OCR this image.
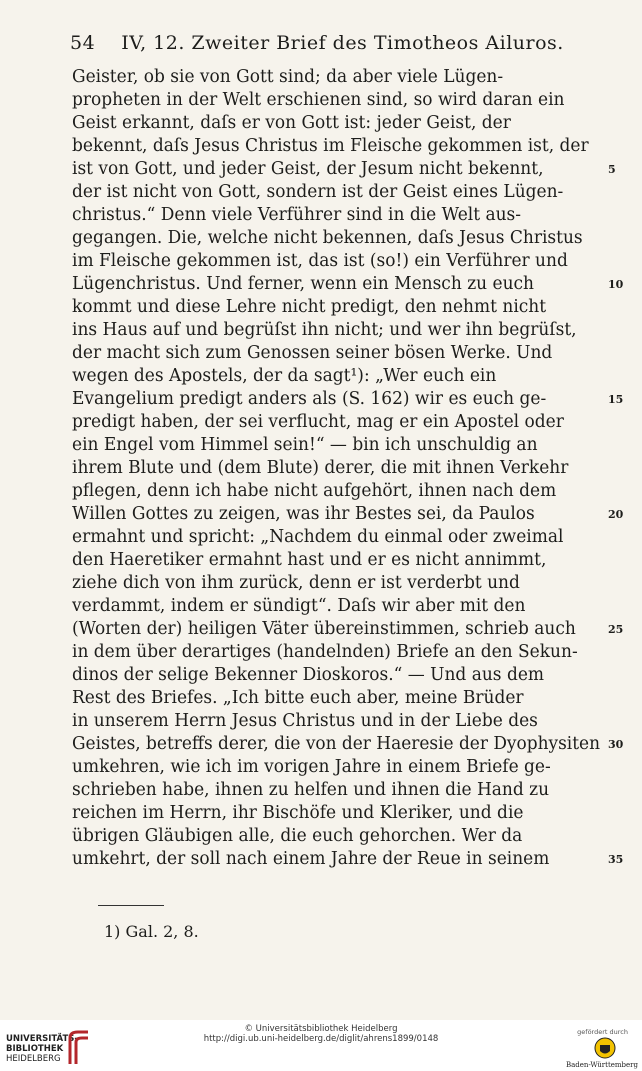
54 IV, 12. Zweiter Brief des Timotheos Ailuros.
Geister, ob sie von Gott sind; da aber viele Lügen-
propheten in der Welt erschienen sind, so wird daran ein
Geist erkannt, daſs er von Gott ist: jeder Geist, der
bekennt, daſs Jesus Christus im Fleische gekommen ist, der
ist von Gott, und jeder Geist, der Jesum nicht bekennt,	5
der ist nicht von Gott, sondern ist der Geist eines Lügen-
christus.“ Denn viele Verführer sind in die Welt aus-
gegangen. Die, welche nicht bekennen, daſs Jesus Christus
im Fleische gekommen ist, das ist (so!) ein Verführer und
Lügenchristus. Und ferner, wenn ein Mensch zu euch	10
kommt und diese Lehre nicht predigt, den nehmt nicht
ins Haus auf und begrüſst ihn nicht; und wer ihn begrüſst,
der macht sich zum Genossen seiner bösen Werke. Und
wegen des Apostels, der da sagt¹): „Wer euch ein
Evangelium predigt anders als (S. 162) wir es euch ge-	15
predigt haben, der sei verflucht, mag er ein Apostel oder
ein Engel vom Himmel sein!“ — bin ich unschuldig an
ihrem Blute und (dem Blute) derer, die mit ihnen Verkehr
pflegen, denn ich habe nicht aufgehört, ihnen nach dem
Willen Gottes zu zeigen, was ihr Bestes sei, da Paulos	20
ermahnt und spricht: „Nachdem du einmal oder zweimal
den Haeretiker ermahnt hast und er es nicht annimmt,
ziehe dich von ihm zurück, denn er ist verderbt und
verdammt, indem er sündigt“. Daſs wir aber mit den
(Worten der) heiligen Väter übereinstimmen, schrieb auch	25
in dem über derartiges (handelnden) Briefe an den Sekun-
dinos der selige Bekenner Dioskoros.“ — Und aus dem
Rest des Briefes. „Ich bitte euch aber, meine Brüder
in unserem Herrn Jesus Christus und in der Liebe des
Geistes, betreffs derer, die von der Haeresie der Dyophysiten 30
umkehren, wie ich im vorigen Jahre in einem Briefe ge-
schrieben habe, ihnen zu helfen und ihnen die Hand zu
reichen im Herrn, ihr Bischöfe und Kleriker, und die
übrigen Gläubigen alle, die euch gehorchen. Wer da
umkehrt, der soll nach einem Jahre der Reue in seinem	35
1) Gal. 2, 8.
UNIVERSITÄTS-
BIBLIOTHEK
HEIDELBERG
© Universitätsbibliothek Heidelberg
http://digi.ub.uni-heidelberg.de/diglit/ahrens1899/0148
gefördert durch
Baden-Württemberg
